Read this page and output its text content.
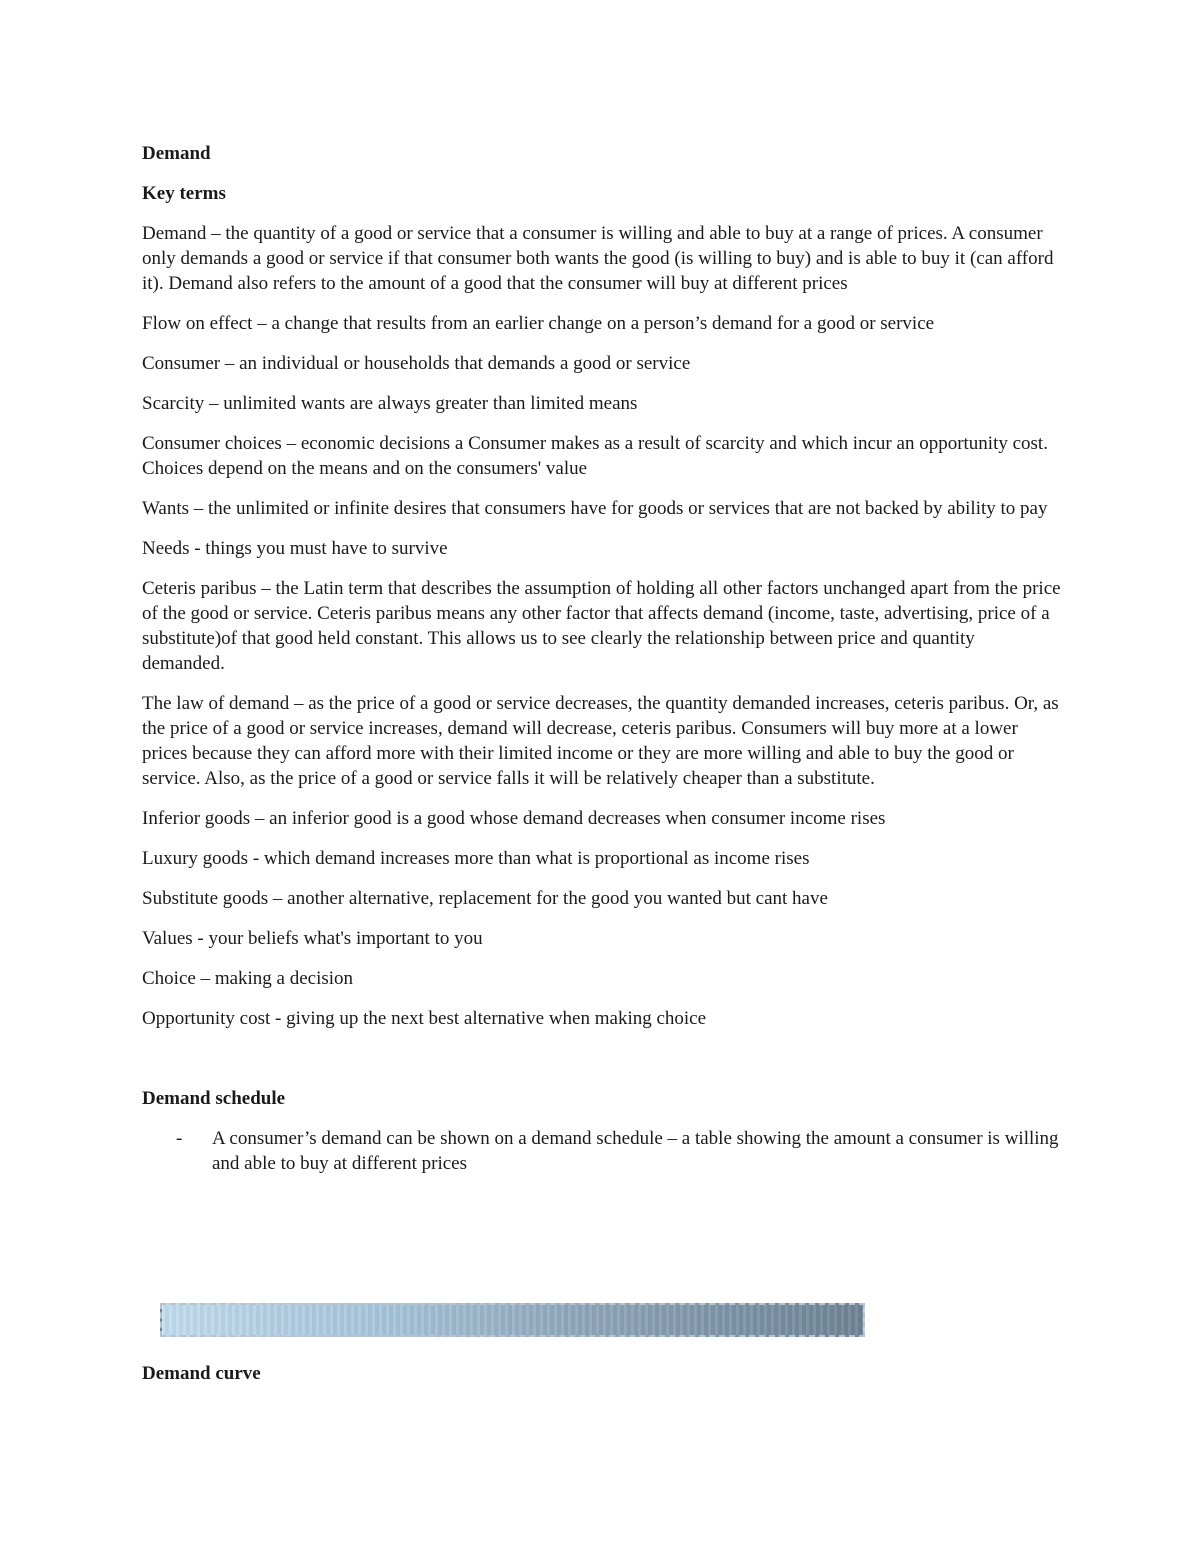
Demand
Key terms
Demand – the quantity of a good or service that a consumer is willing and able to buy at a range of prices. A consumer only demands a good or service if that consumer both wants the good (is willing to buy) and is able to buy it (can afford it). Demand also refers to the amount of a good that the consumer will buy at different prices
Flow on effect – a change that results from an earlier change on a person’s demand for a good or service
Consumer – an individual or households that demands a good or service
Scarcity – unlimited wants are always greater than limited means
Consumer choices – economic decisions a Consumer makes as a result of scarcity and which incur an opportunity cost. Choices depend on the means and on the consumers' value
Wants – the unlimited or infinite desires that consumers have for goods or services that are not backed by ability to pay
Needs - things you must have to survive
Ceteris paribus – the Latin term that describes the assumption of holding all other factors unchanged apart from the price of the good or service. Ceteris paribus means any other factor that affects demand (income, taste, advertising, price of a substitute)of that good held constant. This allows us to see clearly the relationship between price and quantity demanded.
The law of demand – as the price of a good or service decreases, the quantity demanded increases, ceteris paribus. Or, as the price of a good or service increases, demand will decrease, ceteris paribus. Consumers will buy more at a lower prices because they can afford more with their limited income or they are more willing and able to buy the good or service. Also, as the price of a good or service falls it will be relatively cheaper than a substitute.
Inferior goods – an inferior good is a good whose demand decreases when consumer income rises
Luxury goods - which demand increases more than what is proportional as income rises
Substitute goods – another alternative, replacement for the good you wanted but cant have
Values - your beliefs what's important to you
Choice – making a decision
Opportunity cost - giving up the next best alternative when making choice
Demand schedule
- A consumer’s demand can be shown on a demand schedule – a table showing the amount a consumer is willing and able to buy at different prices
Demand curve
